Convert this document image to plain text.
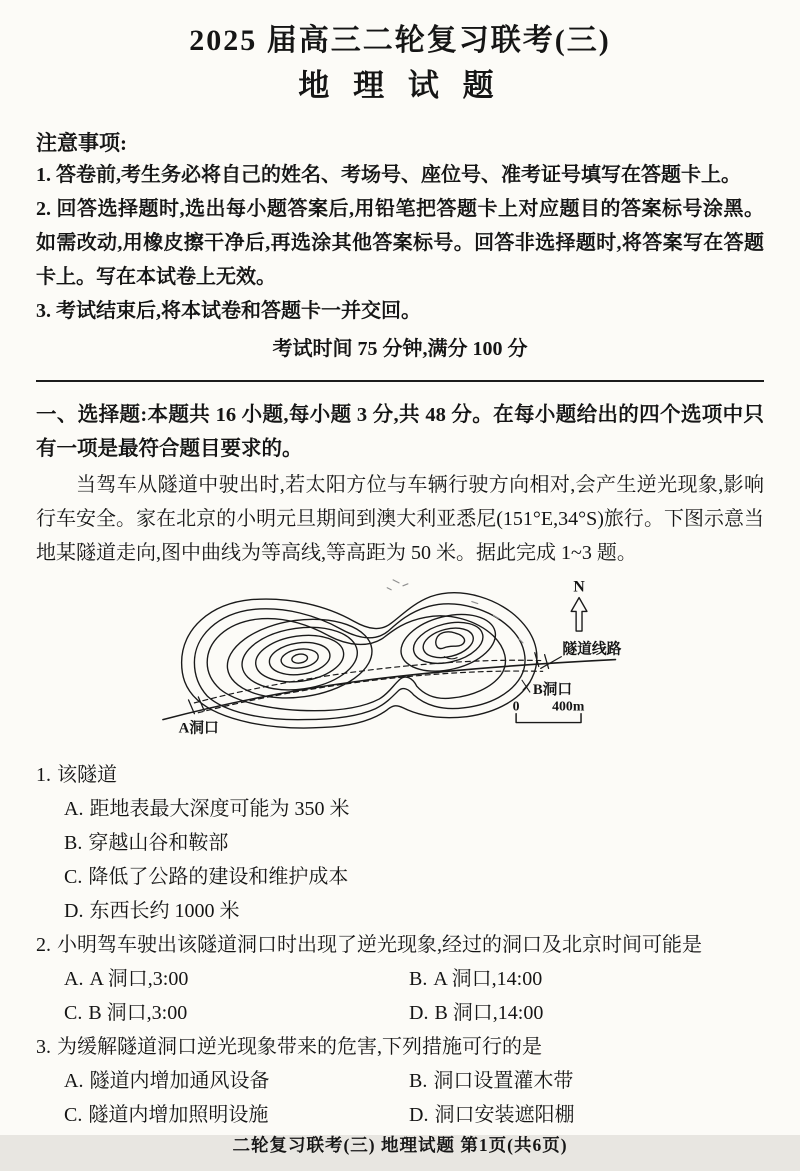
2025 届高三二轮复习联考(三)
地 理 试 题
注意事项:

1. 答卷前,考生务必将自己的姓名、考场号、座位号、准考证号填写在答题卡上。

2. 回答选择题时,选出每小题答案后,用铅笔把答题卡上对应题目的答案标号涂黑。如需改动,用橡皮擦干净后,再选涂其他答案标号。回答非选择题时,将答案写在答题卡上。写在本试卷上无效。

3. 考试结束后,将本试卷和答题卡一并交回。

考试时间 75 分钟,满分 100 分

一、选择题:本题共 16 小题,每小题 3 分,共 48 分。在每小题给出的四个选项中只有一项是最符合题目要求的。

当驾车从隧道中驶出时,若太阳方位与车辆行驶方向相对,会产生逆光现象,影响行车安全。家在北京的小明元旦期间到澳大利亚悉尼(151°E,34°S)旅行。下图示意当地某隧道走向,图中曲线为等高线,等高距为 50 米。据此完成 1~3 题。

N
隧道线路
B洞口
A洞口
0 400m
1. 该隧道
A. 距地表最大深度可能为 350 米
B. 穿越山谷和鞍部
C. 降低了公路的建设和维护成本
D. 东西长约 1000 米
2. 小明驾车驶出该隧道洞口时出现了逆光现象,经过的洞口及北京时间可能是
A. A 洞口,3:00	B. A 洞口,14:00
C. B 洞口,3:00	D. B 洞口,14:00
3. 为缓解隧道洞口逆光现象带来的危害,下列措施可行的是
A. 隧道内增加通风设备	B. 洞口设置灌木带
C. 隧道内增加照明设施	D. 洞口安装遮阳棚
二轮复习联考(三) 地理试题 第1页(共6页)
